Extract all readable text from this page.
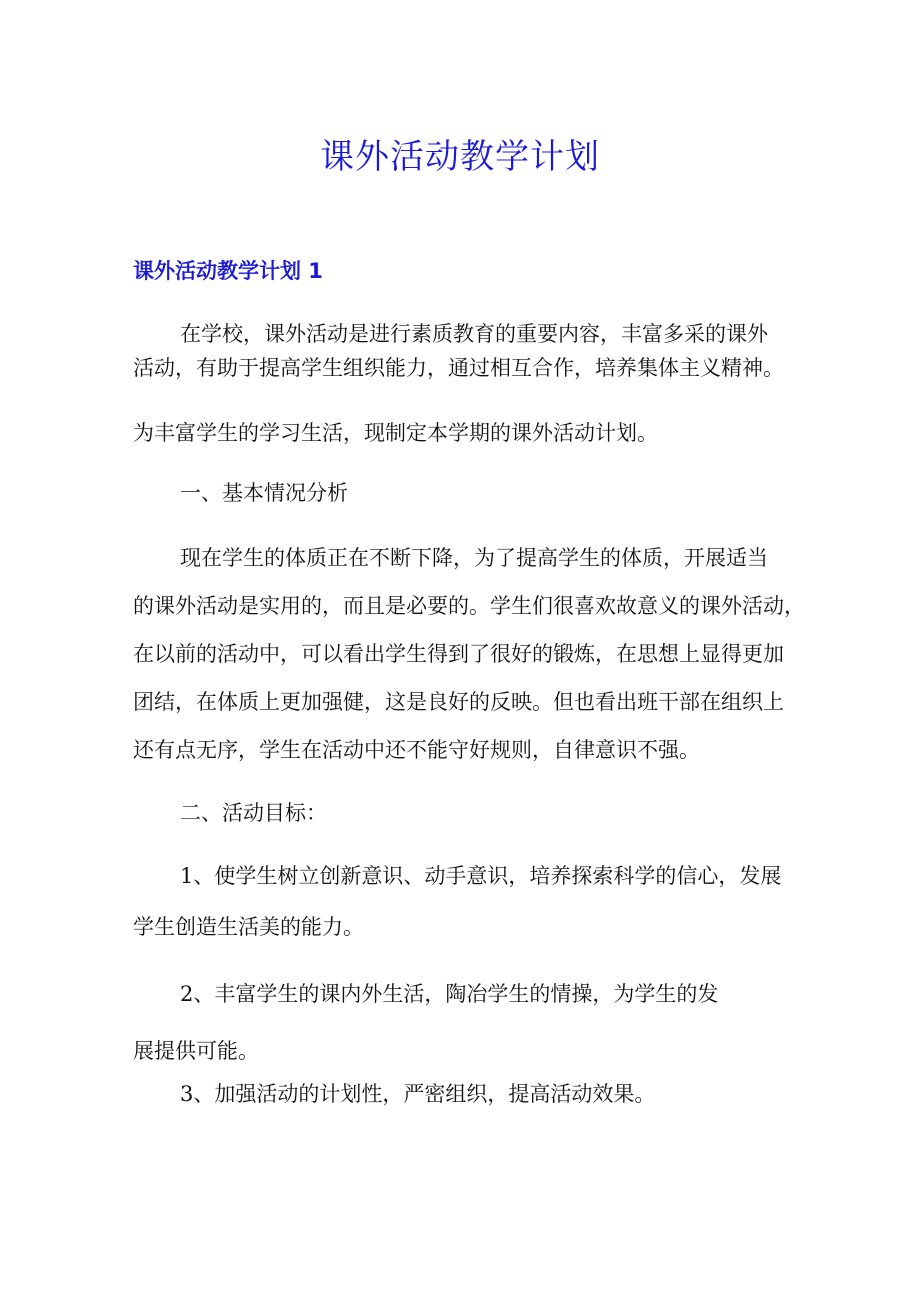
课外活动教学计划
课外活动教学计划 1
在学校，课外活动是进行素质教育的重要内容，丰富多采的课外
活动，有助于提高学生组织能力，通过相互合作，培养集体主义精神。
为丰富学生的学习生活，现制定本学期的课外活动计划。
一、基本情况分析
现在学生的体质正在不断下降，为了提高学生的体质，开展适当
的课外活动是实用的，而且是必要的。学生们很喜欢故意义的课外活动，
在以前的活动中，可以看出学生得到了很好的锻炼，在思想上显得更加
团结，在体质上更加强健，这是良好的反映。但也看出班干部在组织上
还有点无序，学生在活动中还不能守好规则，自律意识不强。
二、活动目标：
1、使学生树立创新意识、动手意识，培养探索科学的信心，发展
学生创造生活美的能力。
2、丰富学生的课内外生活，陶冶学生的情操，为学生的发
展提供可能。
3、加强活动的计划性，严密组织，提高活动效果。
